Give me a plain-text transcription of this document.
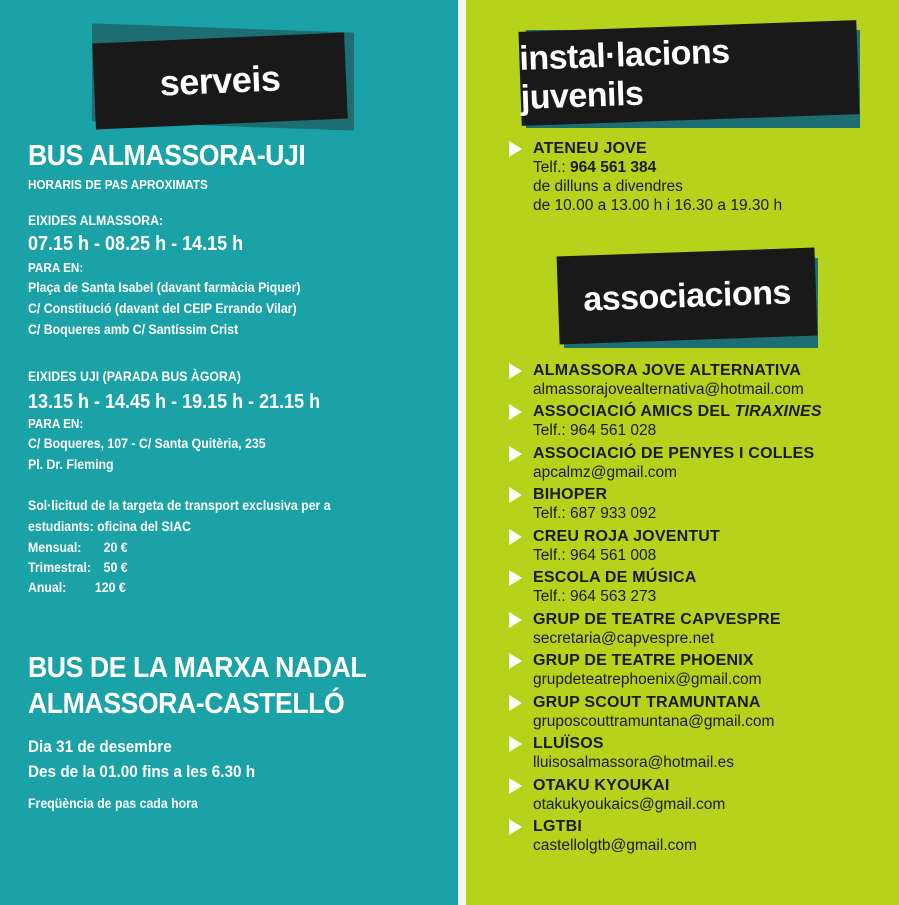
serveis
BUS ALMASSORA-UJI
HORARIS DE PAS APROXIMATS
EIXIDES ALMASSORA:
07.15 h - 08.25 h - 14.15 h
PARA EN:
Plaça de Santa Isabel (davant farmàcia Piquer)
C/ Constitució (davant del CEIP Errando Vilar)
C/ Boqueres amb C/ Santíssim Crist
EIXIDES UJI (PARADA BUS ÀGORA)
13.15 h - 14.45 h - 19.15 h - 21.15 h
PARA EN:
C/ Boqueres, 107 - C/ Santa Quitèria, 235
Pl. Dr. Fleming
Sol·licitud de la targeta de transport exclusiva per a
estudiants: oficina del SIAC
Mensual: 20 €
Trimestral: 50 €
Anual: 120 €
BUS DE LA MARXA NADAL
ALMASSORA-CASTELLÓ
Dia 31 de desembre
Des de la 01.00 fins a les 6.30 h
Freqüència de pas cada hora
instal·lacions juvenils
ATENEU JOVE
Telf.: 964 561 384
de dilluns a divendres
de 10.00 a 13.00 h i 16.30 a 19.30 h
associacions
ALMASSORA JOVE ALTERNATIVA
almassorajovealternativa@hotmail.com
ASSOCIACIÓ AMICS DEL TIRAXINES
Telf.: 964 561 028
ASSOCIACIÓ DE PENYES I COLLES
apcalmz@gmail.com
BIHOPER
Telf.: 687 933 092
CREU ROJA JOVENTUT
Telf.: 964 561 008
ESCOLA DE MÚSICA
Telf.: 964 563 273
GRUP DE TEATRE CAPVESPRE
secretaria@capvespre.net
GRUP DE TEATRE PHOENIX
grupdeteatrephoenix@gmail.com
GRUP SCOUT TRAMUNTANA
gruposcouttramuntana@gmail.com
LLUÏSOS
lluisosalmassora@hotmail.es
OTAKU KYOUKAI
otakukyoukaics@gmail.com
LGTBI
castellolgtb@gmail.com
